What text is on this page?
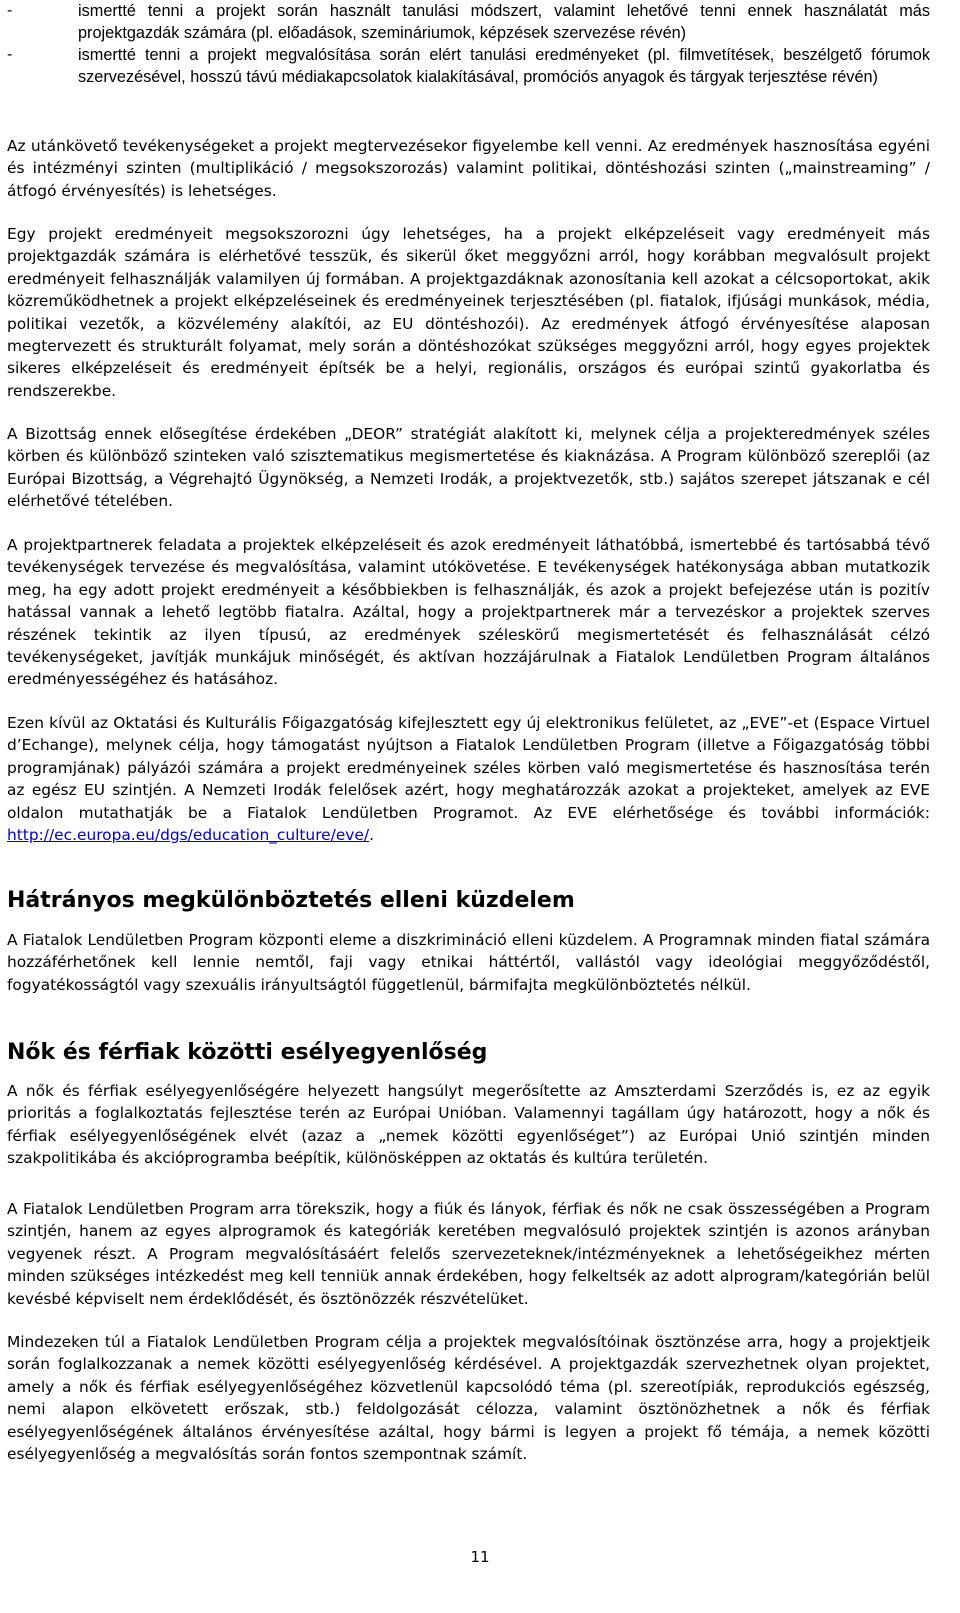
-	ismertté tenni a projekt során használt tanulási módszert, valamint lehetővé tenni ennek használatát más projektgazdák számára (pl. előadások, szemináriumok, képzések szervezése révén)
-	ismertté tenni a projekt megvalósítása során elért tanulási eredményeket (pl. filmvetítések, beszélgető fórumok szervezésével, hosszú távú médiakapcsolatok kialakításával, promóciós anyagok és tárgyak terjesztése révén)

Az utánkövető tevékenységeket a projekt megtervezésekor figyelembe kell venni. Az eredmények hasznosítása egyéni és intézményi szinten (multiplikáció / megsokszorozás) valamint politikai, döntéshozási szinten („mainstreaming” / átfogó érvényesítés) is lehetséges.

Egy projekt eredményeit megsokszorozni úgy lehetséges, ha a projekt elképzeléseit vagy eredményeit más projektgazdák számára is elérhetővé tesszük, és sikerül őket meggyőzni arról, hogy korábban megvalósult projekt eredményeit felhasználják valamilyen új formában. A projektgazdáknak azonosítania kell azokat a célcsoportokat, akik közreműködhetnek a projekt elképzeléseinek és eredményeinek terjesztésében (pl. fiatalok, ifjúsági munkások, média, politikai vezetők, a közvélemény alakítói, az EU döntéshozói). Az eredmények átfogó érvényesítése alaposan megtervezett és strukturált folyamat, mely során a döntéshozókat szükséges meggyőzni arról, hogy egyes projektek sikeres elképzeléseit és eredményeit építsék be a helyi, regionális, országos és európai szintű gyakorlatba és rendszerekbe.

A Bizottság ennek elősegítése érdekében „DEOR” stratégiát alakított ki, melynek célja a projekteredmények széles körben és különböző szinteken való szisztematikus megismertetése és kiaknázása. A Program különböző szereplői (az Európai Bizottság, a Végrehajtó Ügynökség, a Nemzeti Irodák, a projektvezetők, stb.) sajátos szerepet játszanak e cél elérhetővé tételében.

A projektpartnerek feladata a projektek elképzeléseit és azok eredményeit láthatóbbá, ismertebbé és tartósabbá tévő tevékenységek tervezése és megvalósítása, valamint utókövetése. E tevékenységek hatékonysága abban mutatkozik meg, ha egy adott projekt eredményeit a későbbiekben is felhasználják, és azok a projekt befejezése után is pozitív hatással vannak a lehető legtöbb fiatalra. Azáltal, hogy a projektpartnerek már a tervezéskor a projektek szerves részének tekintik az ilyen típusú, az eredmények széleskörű megismertetését és felhasználását célzó tevékenységeket, javítják munkájuk minőségét, és aktívan hozzájárulnak a Fiatalok Lendületben Program általános eredményességéhez és hatásához.

Ezen kívül az Oktatási és Kulturális Főigazgatóság kifejlesztett egy új elektronikus felületet, az „EVE”-et (Espace Virtuel d’Echange), melynek célja, hogy támogatást nyújtson a Fiatalok Lendületben Program (illetve a Főigazgatóság többi programjának) pályázói számára a projekt eredményeinek széles körben való megismertetése és hasznosítása terén az egész EU szintjén. A Nemzeti Irodák felelősek azért, hogy meghatározzák azokat a projekteket, amelyek az EVE oldalon mutathatják be a Fiatalok Lendületben Programot. Az EVE elérhetősége és további információk: http://ec.europa.eu/dgs/education_culture/eve/.

Hátrányos megkülönböztetés elleni küzdelem

A Fiatalok Lendületben Program központi eleme a diszkrimináció elleni küzdelem. A Programnak minden fiatal számára hozzáférhetőnek kell lennie nemtől, faji vagy etnikai háttértől, vallástól vagy ideológiai meggyőződéstől, fogyatékosságtól vagy szexuális irányultságtól függetlenül, bármifajta megkülönböztetés nélkül.

Nők és férfiak közötti esélyegyenlőség

A nők és férfiak esélyegyenlőségére helyezett hangsúlyt megerősítette az Amszterdami Szerződés is, ez az egyik prioritás a foglalkoztatás fejlesztése terén az Európai Unióban. Valamennyi tagállam úgy határozott, hogy a nők és férfiak esélyegyenlőségének elvét (azaz a „nemek közötti egyenlőséget”) az Európai Unió szintjén minden szakpolitikába és akcióprogramba beépítik, különösképpen az oktatás és kultúra területén.

A Fiatalok Lendületben Program arra törekszik, hogy a fiúk és lányok, férfiak és nők ne csak összességében a Program szintjén, hanem az egyes alprogramok és kategóriák keretében megvalósuló projektek szintjén is azonos arányban vegyenek részt. A Program megvalósításáért felelős szervezeteknek/intézményeknek a lehetőségeikhez mérten minden szükséges intézkedést meg kell tenniük annak érdekében, hogy felkeltsék az adott alprogram/kategórián belül kevésbé képviselt nem érdeklődését, és ösztönözzék részvételüket.

Mindezeken túl a Fiatalok Lendületben Program célja a projektek megvalósítóinak ösztönzése arra, hogy a projektjeik során foglalkozzanak a nemek közötti esélyegyenlőség kérdésével. A projektgazdák szervezhetnek olyan projektet, amely a nők és férfiak esélyegyenlőségéhez közvetlenül kapcsolódó téma (pl. szereotípiák, reprodukciós egészség, nemi alapon elkövetett erőszak, stb.) feldolgozását célozza, valamint ösztönözhetnek a nők és férfiak esélyegyenlőségének általános érvényesítése azáltal, hogy bármi is legyen a projekt fő témája, a nemek közötti esélyegyenlőség a megvalósítás során fontos szempontnak számít.

11
